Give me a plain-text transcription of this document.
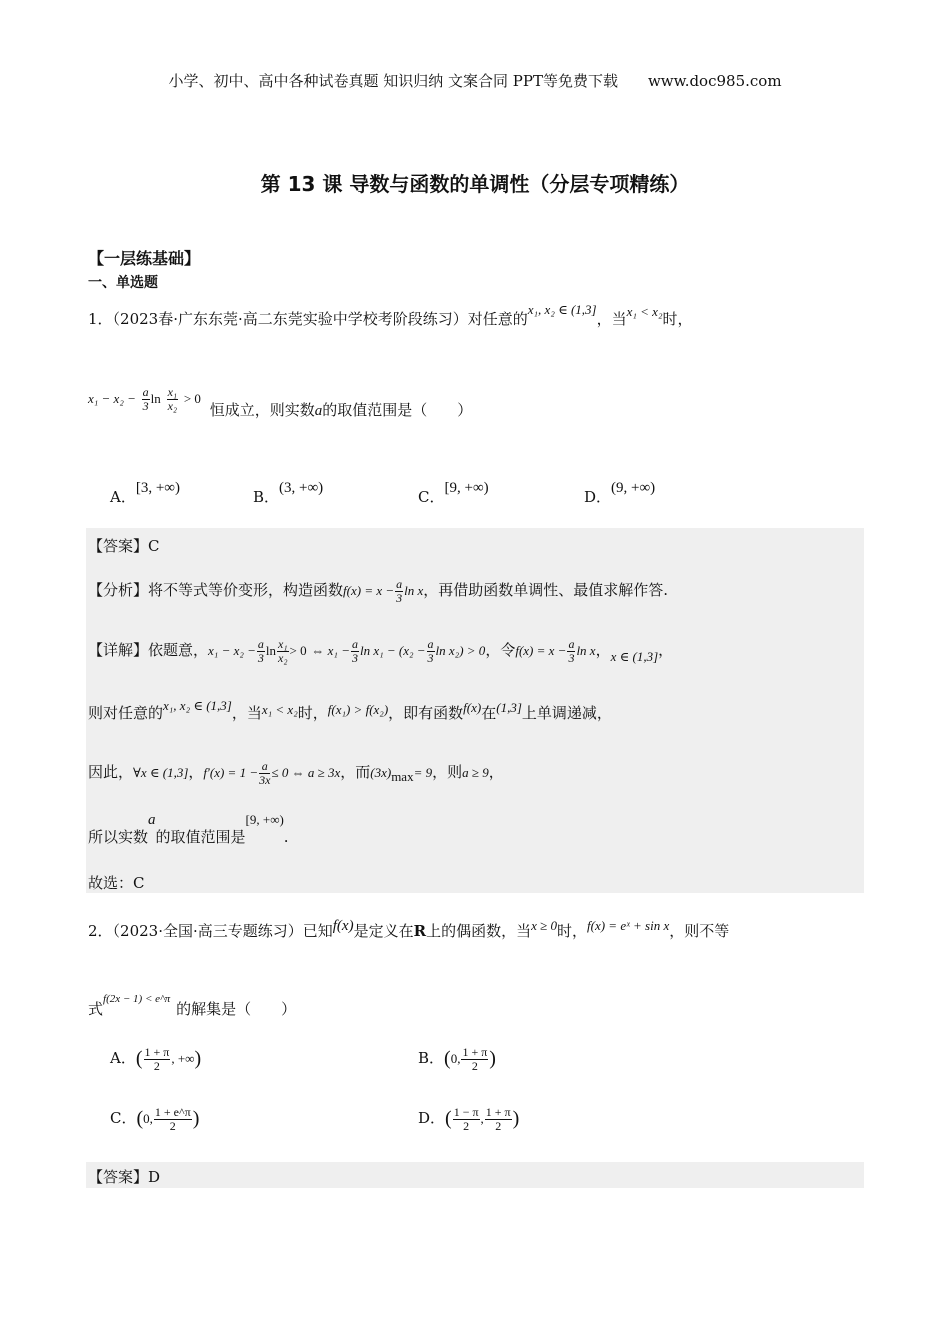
小学、初中、高中各种试卷真题 知识归纳 文案合同 PPT等免费下载　　www.doc985.com
第 13 课 导数与函数的单调性（分层专项精练）
【一层练基础】
一、单选题
1．（2023春·广东东莞·高二东莞实验中学校考阶段练习）对任意的x₁, x₂ ∈ (1,3]，当x₁ < x₂时，
$x_1 - x_2 - \frac{a}{3}$ $\ln \frac{\text{x₁}}{\text{x₂}} > 0$ 恒成立，则实数a的取值范围是（　　）
A．[3, +∞)	B．(3, +∞)	C．[9, +∞)	D．(9, +∞)
【答案】C
【分析】将不等式等价变形，构造函数$f(x) = x - \frac{a}{3}$ ln x，再借助函数单调性、最值求解作答.
【详解】依题意，$x_1 - x_2 - \frac{a}{3}$ $\ln \frac{\text{x₁}}{\text{x₂}} > 0$ ⇔ $x_1 - \frac{a}{3}$ $\ln x_1 - (x_2 - \frac{a}{3}$ ln x₂) > 0，令$f(x) = x - \frac{a}{3}$ ln x，x ∈ (1,3]，
则对任意的x₁, x₂ ∈ (1,3]，当x₁ < x₂时，f(x₁) > f(x₂)，即有函数f(x)在(1,3]上单调递减，
因此，∀x ∈ (1,3]，$f'(x) = 1 - \frac{a}{3x} \le 0$ ⇔ a ≥ 3x，而$(3x)_{max}= 9$，则a ≥ 9，
所以实数a的取值范围是[9, +∞).
故选：C
2．（2023·全国·高三专题练习）已知f(x)是定义在R上的偶函数，当x ≥ 0时，f(x) = eˣ + sin x，则不等
式f(2x − 1) < e^π的解集是（　　）
A．( $\frac{1 + \pi}{2}$ , +∞)	B．(0, $\frac{1 + \pi}{2}$ )
C．(0, $\frac{1 + e\^{}\pi}{2}$ )	D．( $\frac{1 - \pi}{2}$ , $\frac{1 + \pi}{2}$ )
【答案】D
